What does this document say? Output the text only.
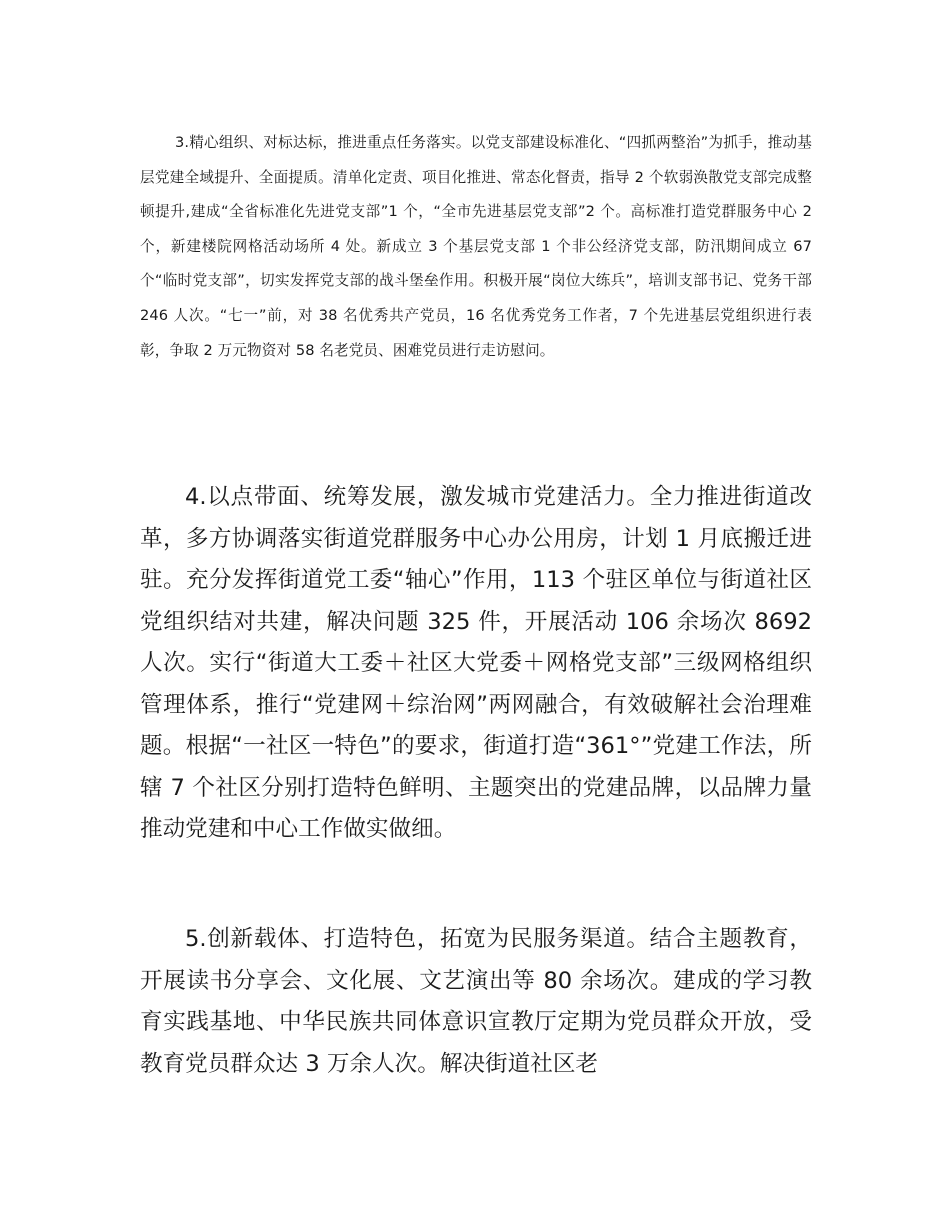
3.精心组织、对标达标，推进重点任务落实。以党支部建设标准化、“四抓两整治”为抓手，推动基层党建全域提升、全面提质。清单化定责、项目化推进、常态化督责，指导 2 个软弱涣散党支部完成整顿提升,建成“全省标准化先进党支部”1 个，“全市先进基层党支部”2 个。高标准打造党群服务中心 2 个，新建楼院网格活动场所 4 处。新成立 3 个基层党支部 1 个非公经济党支部，防汛期间成立 67 个“临时党支部”，切实发挥党支部的战斗堡垒作用。积极开展“岗位大练兵”，培训支部书记、党务干部 246 人次。“七一”前，对 38 名优秀共产党员，16 名优秀党务工作者，7 个先进基层党组织进行表彰，争取 2 万元物资对 58 名老党员、困难党员进行走访慰问。

4.以点带面、统筹发展，激发城市党建活力。全力推进街道改革，多方协调落实街道党群服务中心办公用房，计划 1 月底搬迁进驻。充分发挥街道党工委“轴心”作用，113 个驻区单位与街道社区党组织结对共建，解决问题 325 件，开展活动 106 余场次 8692 人次。实行“街道大工委＋社区大党委＋网格党支部”三级网格组织管理体系，推行“党建网＋综治网”两网融合，有效破解社会治理难题。根据“一社区一特色”的要求，街道打造“361°”党建工作法，所辖 7 个社区分别打造特色鲜明、主题突出的党建品牌，以品牌力量推动党建和中心工作做实做细。

5.创新载体、打造特色，拓宽为民服务渠道。结合主题教育，开展读书分享会、文化展、文艺演出等 80 余场次。建成的学习教育实践基地、中华民族共同体意识宣教厅定期为党员群众开放，受教育党员群众达 3 万余人次。解决街道社区老
